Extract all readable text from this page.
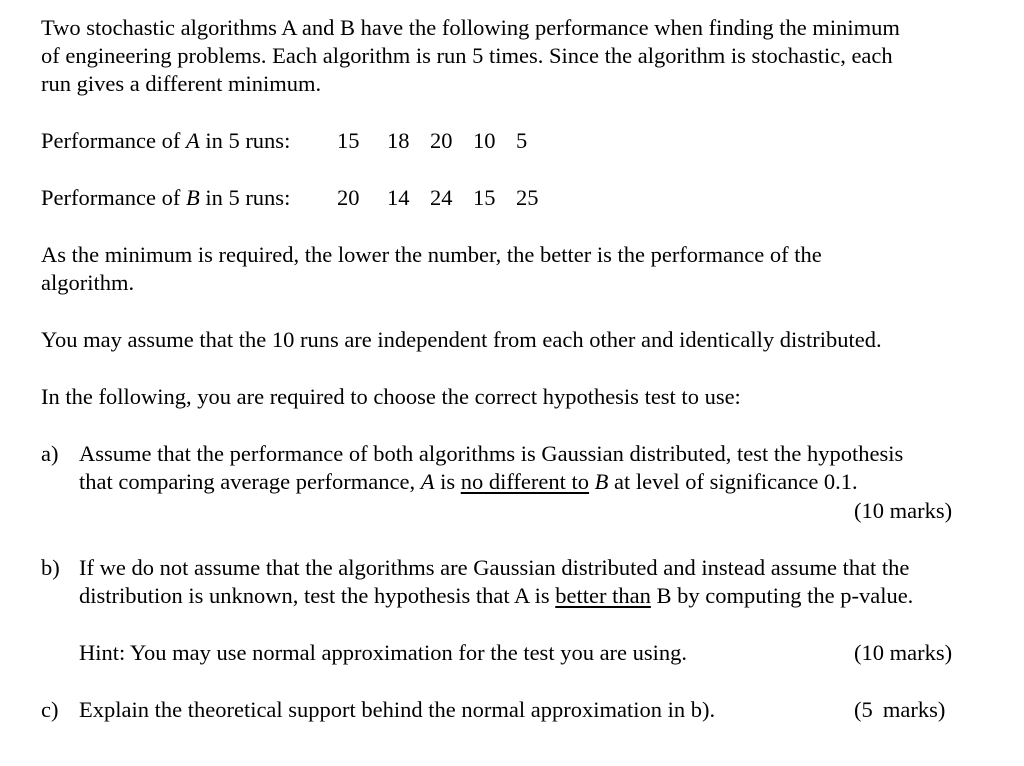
Two stochastic algorithms A and B have the following performance when finding the minimum
of engineering problems. Each algorithm is run 5 times. Since the algorithm is stochastic, each
run gives a different minimum.
Performance of A in 5 runs: 15 18 20 10 5
Performance of B in 5 runs: 20 14 24 15 25
As the minimum is required, the lower the number, the better is the performance of the
algorithm.
You may assume that the 10 runs are independent from each other and identically distributed.
In the following, you are required to choose the correct hypothesis test to use:
a) Assume that the performance of both algorithms is Gaussian distributed, test the hypothesis
that comparing average performance, A is no different to B at level of significance 0.1.
(10 marks)
b) If we do not assume that the algorithms are Gaussian distributed and instead assume that the
distribution is unknown, test the hypothesis that A is better than B by computing the p-value.
Hint: You may use normal approximation for the test you are using.	(10 marks)
c) Explain the theoretical support behind the normal approximation in b).	(5 marks)
